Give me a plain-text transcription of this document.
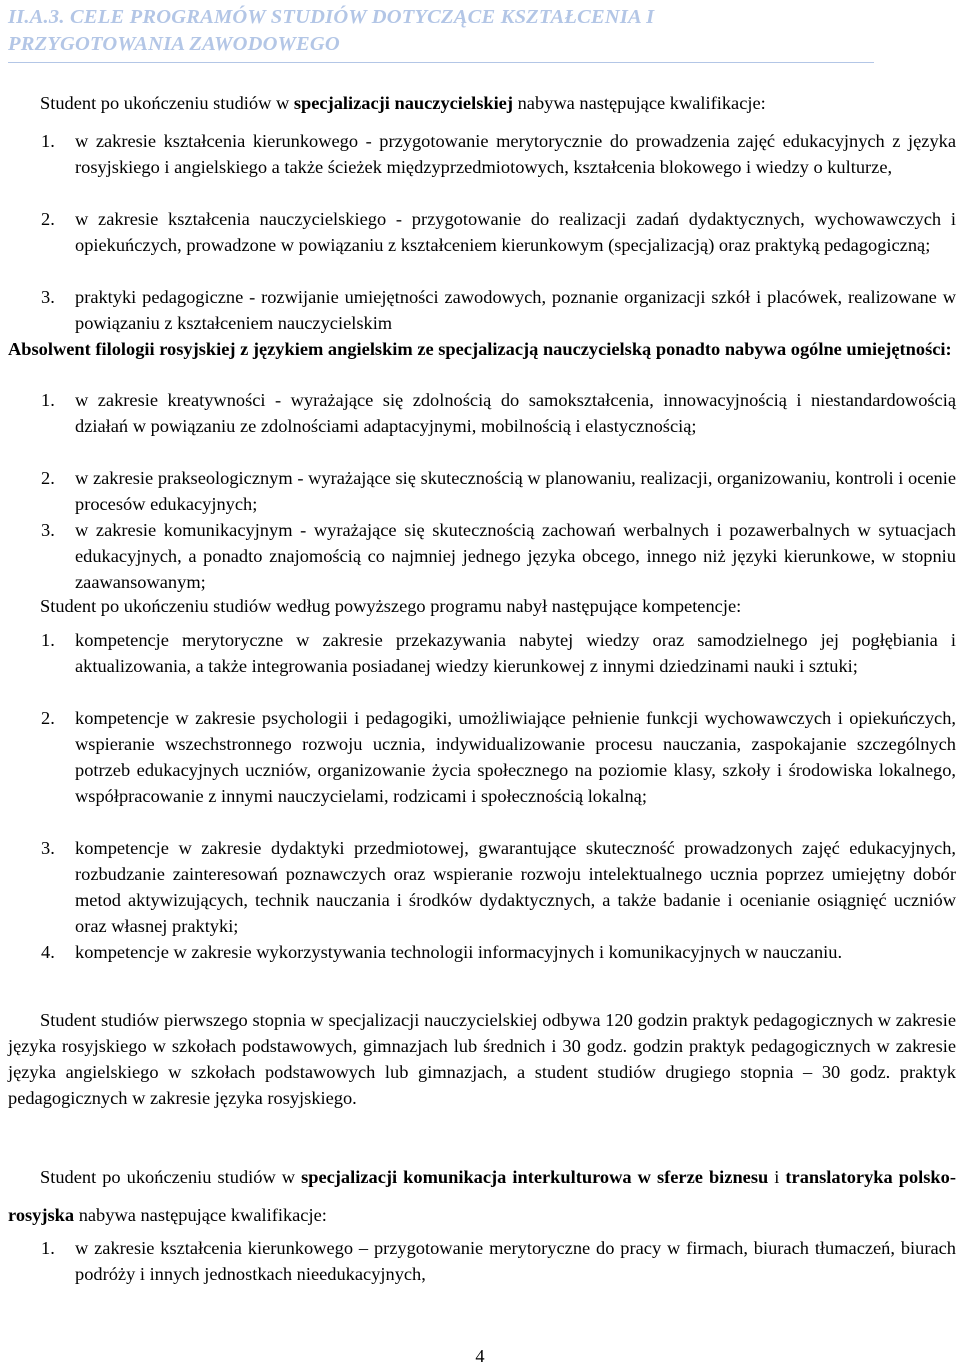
II.A.3. CELE PROGRAMÓW STUDIÓW DOTYCZĄCE KSZTAŁCENIA I
PRZYGOTOWANIA ZAWODOWEGO
Student po ukończeniu studiów w specjalizacji nauczycielskiej nabywa następujące kwalifikacje:
1. w zakresie kształcenia kierunkowego - przygotowanie merytorycznie do prowadzenia zajęć edukacyjnych z języka rosyjskiego i angielskiego a także ścieżek międzyprzedmiotowych, kształcenia blokowego i wiedzy o kulturze,
2. w zakresie kształcenia nauczycielskiego - przygotowanie do realizacji zadań dydaktycznych, wychowawczych i opiekuńczych, prowadzone w powiązaniu z kształceniem kierunkowym (specjalizacją) oraz praktyką pedagogiczną;
3. praktyki pedagogiczne - rozwijanie umiejętności zawodowych, poznanie organizacji szkół i placówek, realizowane w powiązaniu z kształceniem nauczycielskim
Absolwent filologii rosyjskiej z językiem angielskim ze specjalizacją nauczycielską ponadto nabywa ogólne umiejętności:
1. w zakresie kreatywności - wyrażające się zdolnością do samokształcenia, innowacyjnością i niestandardowością działań w powiązaniu ze zdolnościami adaptacyjnymi, mobilnością i elastycznością;
2. w zakresie prakseologicznym - wyrażające się skutecznością w planowaniu, realizacji, organizowaniu, kontroli i ocenie procesów edukacyjnych;
3. w zakresie komunikacyjnym - wyrażające się skutecznością zachowań werbalnych i pozawerbalnych w sytuacjach edukacyjnych, a ponadto znajomością co najmniej jednego języka obcego, innego niż języki kierunkowe, w stopniu zaawansowanym;
Student po ukończeniu studiów według powyższego programu nabył następujące kompetencje:
1. kompetencje merytoryczne w zakresie przekazywania nabytej wiedzy oraz samodzielnego jej pogłębiania i aktualizowania, a także integrowania posiadanej wiedzy kierunkowej z innymi dziedzinami nauki i sztuki;
2. kompetencje w zakresie psychologii i pedagogiki, umożliwiające pełnienie funkcji wychowawczych i opiekuńczych, wspieranie wszechstronnego rozwoju ucznia, indywidualizowanie procesu nauczania, zaspokajanie szczególnych potrzeb edukacyjnych uczniów, organizowanie życia społecznego na poziomie klasy, szkoły i środowiska lokalnego, współpracowanie z innymi nauczycielami, rodzicami i społecznością lokalną;
3. kompetencje w zakresie dydaktyki przedmiotowej, gwarantujące skuteczność prowadzonych zajęć edukacyjnych, rozbudzanie zainteresowań poznawczych oraz wspieranie rozwoju intelektualnego ucznia poprzez umiejętny dobór metod aktywizujących, technik nauczania i środków dydaktycznych, a także badanie i ocenianie osiągnięć uczniów oraz własnej praktyki;
4. kompetencje w zakresie wykorzystywania technologii informacyjnych i komunikacyjnych w nauczaniu.
Student studiów pierwszego stopnia w specjalizacji nauczycielskiej odbywa 120 godzin praktyk pedagogicznych w zakresie języka rosyjskiego w szkołach podstawowych, gimnazjach lub średnich i 30 godz. godzin praktyk pedagogicznych w zakresie języka angielskiego w szkołach podstawowych lub gimnazjach, a student studiów drugiego stopnia – 30 godz. praktyk pedagogicznych w zakresie języka rosyjskiego.
Student po ukończeniu studiów w specjalizacji komunikacja interkulturowa w sferze biznesu i translatoryka polsko-rosyjska nabywa następujące kwalifikacje:
1. w zakresie kształcenia kierunkowego – przygotowanie merytoryczne do pracy w firmach, biurach tłumaczeń, biurach podróży i innych jednostkach nieedukacyjnych,
4
